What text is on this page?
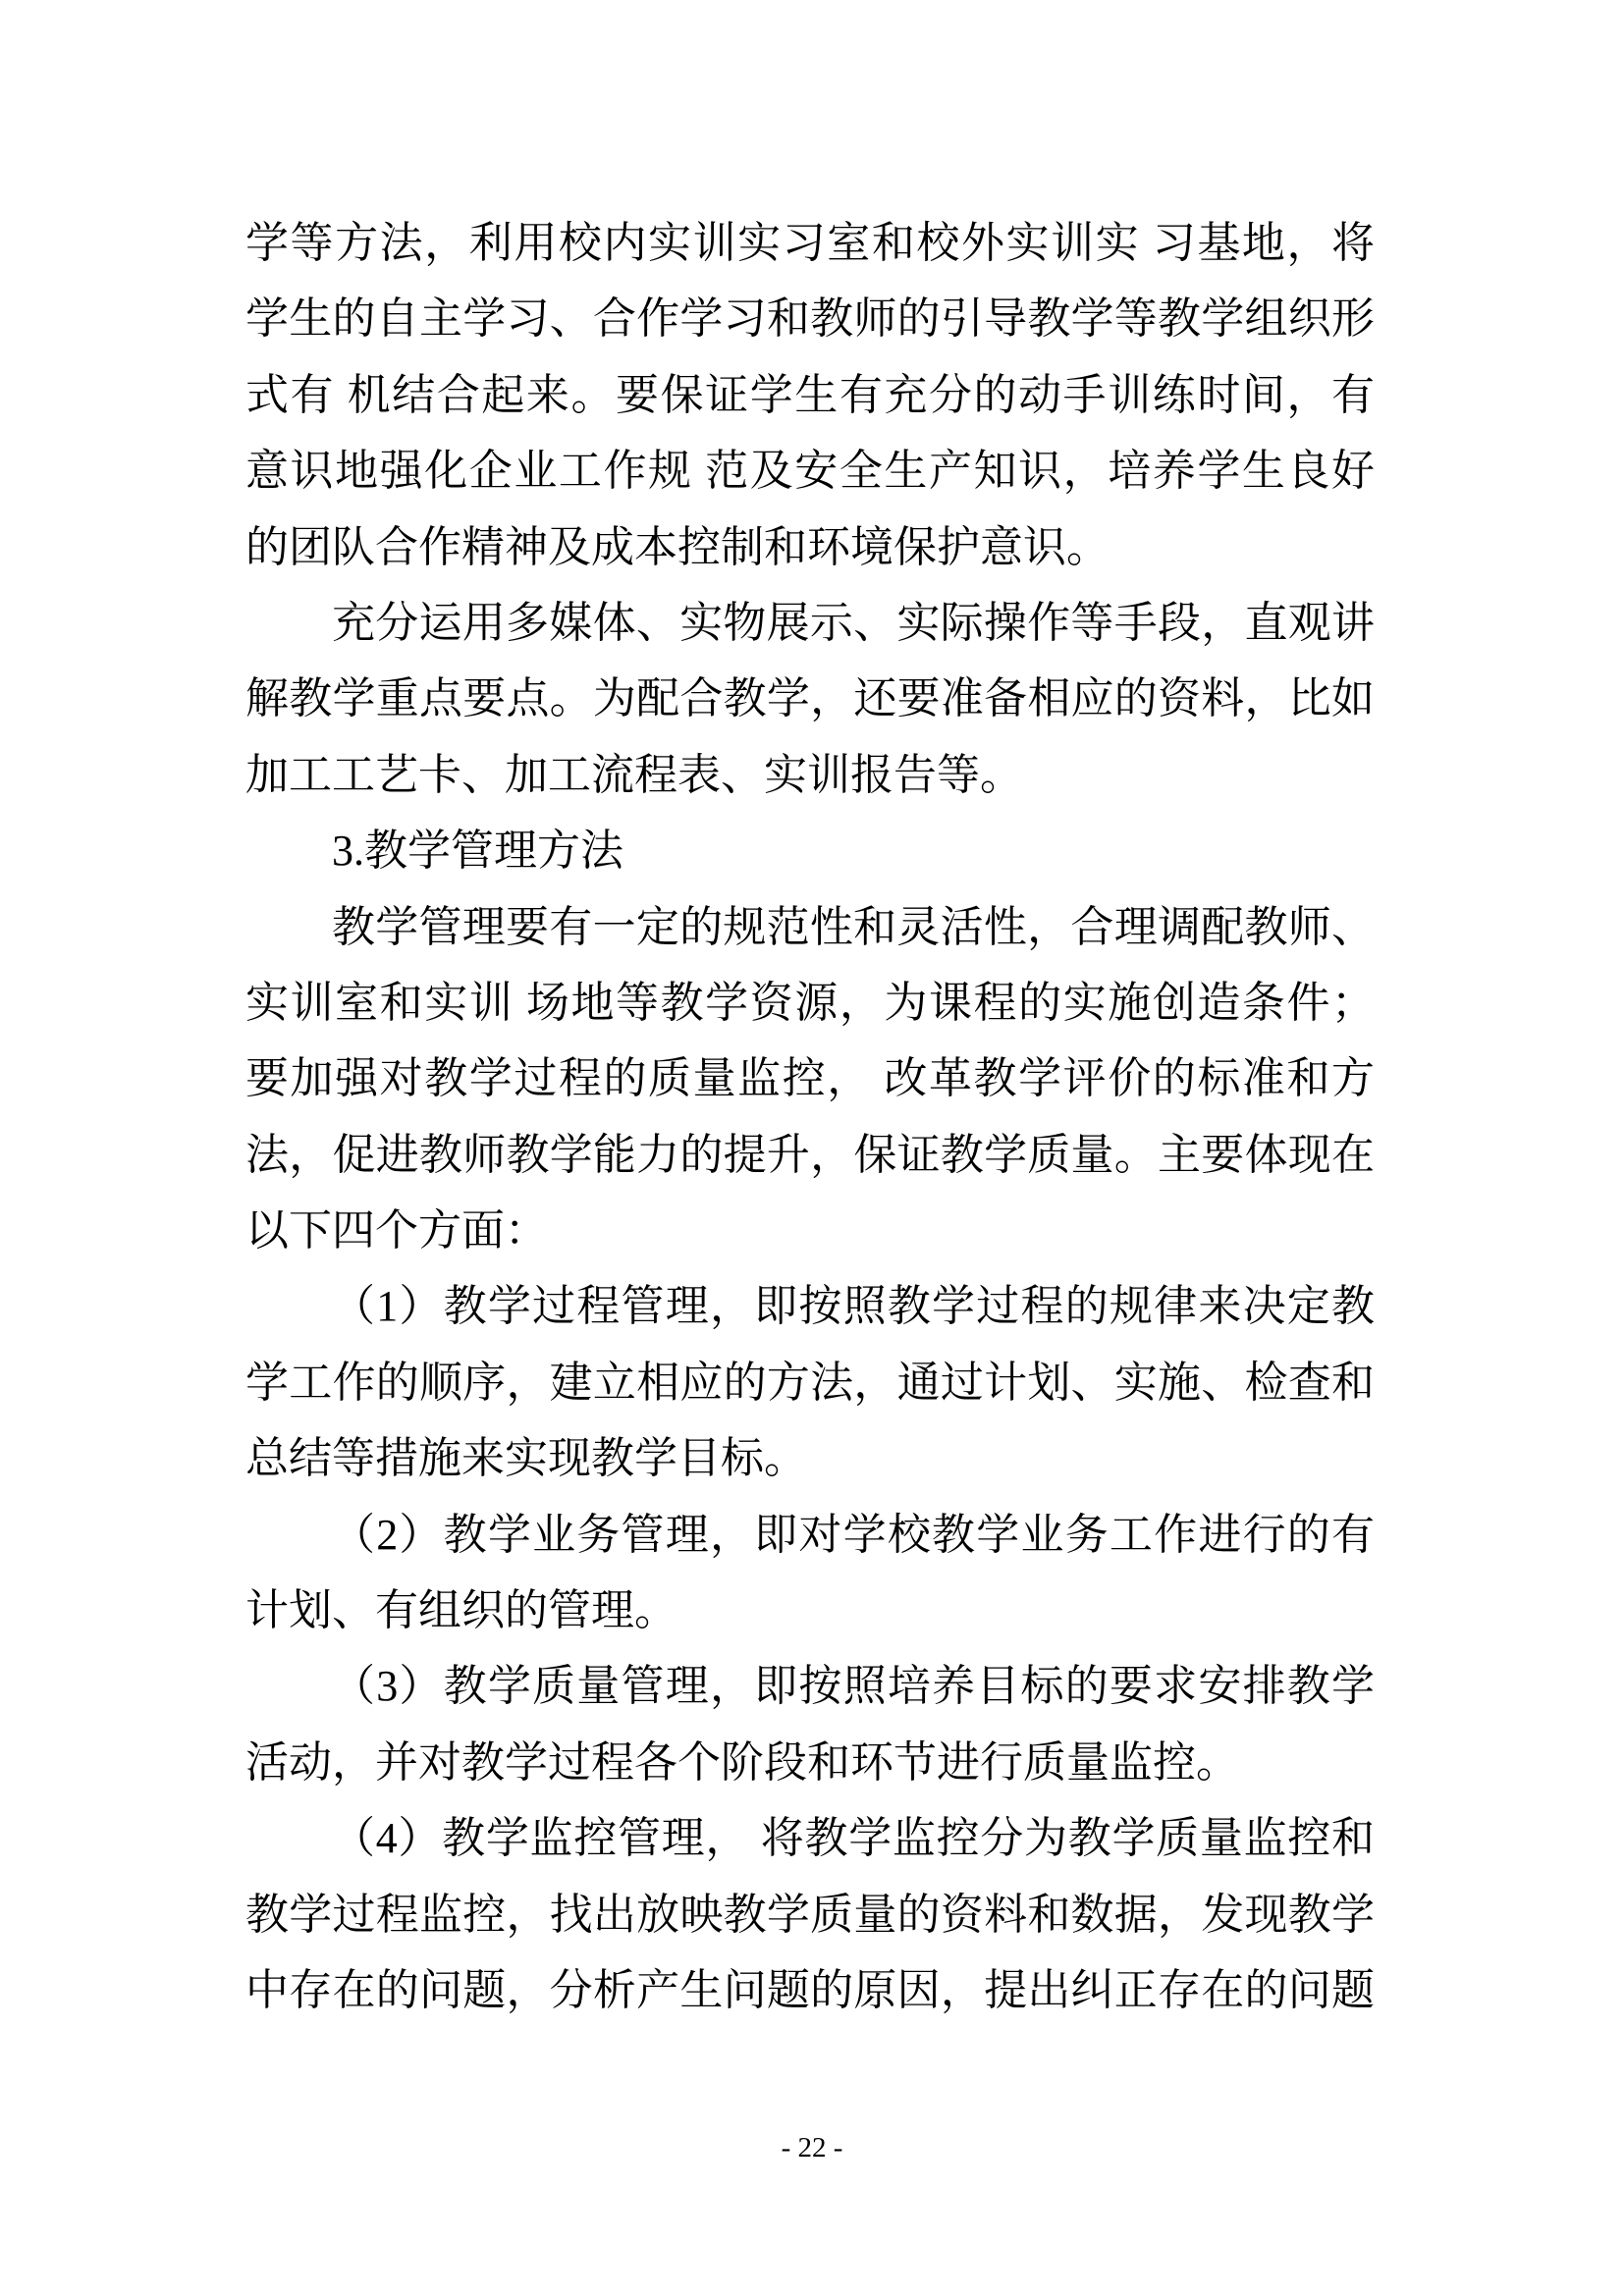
学等方法，利用校内实训实习室和校外实训实 习基地，将
学生的自主学习、合作学习和教师的引导教学等教学组织形
式有 机结合起来。要保证学生有充分的动手训练时间，有
意识地强化企业工作规 范及安全生产知识，培养学生良好
的团队合作精神及成本控制和环境保护意识。
充分运用多媒体、实物展示、实际操作等手段，直观讲
解教学重点要点。为配合教学，还要准备相应的资料，比如
加工工艺卡、加工流程表、实训报告等。
3.教学管理方法
教学管理要有一定的规范性和灵活性，合理调配教师、
实训室和实训 场地等教学资源，为课程的实施创造条件；
要加强对教学过程的质量监控， 改革教学评价的标准和方
法，促进教师教学能力的提升，保证教学质量。主要体现在
以下四个方面：
（1）教学过程管理，即按照教学过程的规律来决定教
学工作的顺序，建立相应的方法，通过计划、实施、检查和
总结等措施来实现教学目标。
（2）教学业务管理，即对学校教学业务工作进行的有
计划、有组织的管理。
（3）教学质量管理，即按照培养目标的要求安排教学
活动，并对教学过程各个阶段和环节进行质量监控。
（4）教学监控管理， 将教学监控分为教学质量监控和
教学过程监控，找出放映教学质量的资料和数据，发现教学
中存在的问题，分析产生问题的原因，提出纠正存在的问题
- 22 -
